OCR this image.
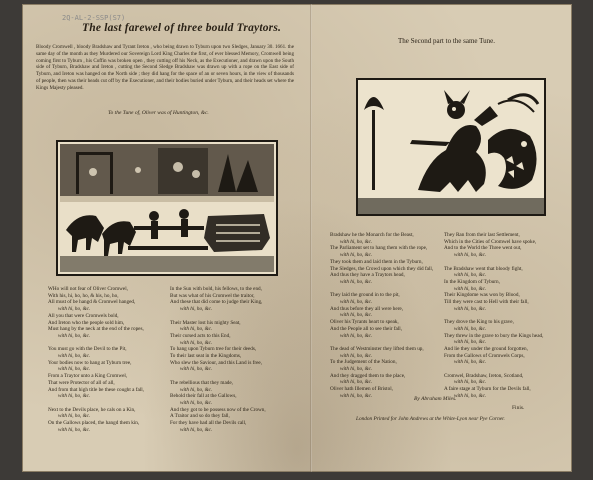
2Q-AL-2-SSP(S7)
The last farewel of three bould Traytors.
The Second part to the same Tune.
Bloody Cromwell , bloody Bradshaw and Tyrant Ireton , who being drawn to Tyburn upon two Sledges, January 30. 1661. the same day of the month as they Murdered our Sovereign Lord King Charles the first, of ever blessed Memory, Cromwell being coming first to Tyburn , his Coffin was broken open , they cutting off his Neck, as the Executioner, and drawn upon the South side of Tyburn, Bradshaw and Ireton , cutting the Second Sledge Bradshaw was drawn up with a rope on the East side of Tyburn, and Ireton was hanged on the North side ; they did hang for the space of an or seven hours, in the view of thousands of people, then was their heads cut off by the Executioner, and their bodies buried under Tyburn, and their heads set where the Kings Majesty pleased.
To the Tune of, Oliver was of Huntington, &c.
WHo will not fear of Oliver Cromwel,
With his, hi, ho, ho, & his, ho, ho,
All must of be hangd & Cromwel hanged,
with hi, ho, &c.
All you that were Cromwels bold,
And Ireton who the people sold him,
Must hang by the neck at the end of the ropes,
with hi, ho, &c.

You must go with the Devil to the Pit,
with hi, ho, &c.
Your bodies now to hang at Tyburn tree,
with hi, ho, &c.
From a Traytor unto a King Cromwel,
That were Protector of all of all,
And from that high title be these cought a fall,
with hi, ho, &c.

Next to the Devils place, he cals on a Kin,
with hi, ho, &c.
On the Gallows placed, the hangd them kin,
with hi, ho, &c.
In the Sun with bold, his fellows, to the end,
But was what of his Cromwel the traitor,
And these that did come to judge their King,
with hi, ho, &c.

Their Master lost his mighty Seat,
with hi, ho, &c.
Their cursed acts to this End,
with hi, ho, &c.
To hang upon Tyburn tree for their deeds,
To their last seat in the Kingdoms,
Who slew the Saviour, and this Land is free,
with hi, ho, &c.

The rebellious that they made,
with hi, ho, &c.
Behold their fall at the Gallows,
with hi, ho, &c.
And they got to be possess now of the Crown,
A Traitor and so do they fall,
For they have had all the Devils call,
with hi, ho, &c.
Bradshaw he the Monarch for the Beast,
with hi, ho, &c.
The Parliament set to hang them with the rope,
with hi, ho, &c.
They took them and laid them in the Tyburn,
The Sledges, the Crowd upon which they did fall,
And thus they have a Traytors head,
with hi, ho, &c.

They laid the ground in to the pit,
with hi, ho, &c.
And thus before they all were here,
with hi, ho, &c.
Oliver his Tyrants heart to speak,
And the People all to see their fall,
with hi, ho, &c.

The dead of Westminster they lifted them up,
with hi, ho, &c.
To the Judgement of the Nation,
with hi, ho, &c.
And they dragged them to the place,
with hi, ho, &c.
Oliver hath Illemen of Bristol,
with hi, ho, &c.
They Ran from their last Settlement,
Which in the Cities of Cromwel have spoke,
And to the World the Three went out,
with hi, ho, &c.

The Bradshaw went that bloody fight,
with hi, ho, &c.
In the Kingdom of Tyburn,
with hi, ho, &c.
Their Kingdome was won by Blood,
Till they were cast to Hell with their fall,
with hi, ho, &c.

They drove the King to his grave,
with hi, ho, &c.
They threw in the grave to bury the Kings head,
with hi, ho, &c.
And lie they under the ground forgotten,
From the Gallows of Cromwels Corps,
with hi, ho, &c.

Cromwel, Bradshaw, Ireton, Scotland,
with hi, ho, &c.
A faire stage at Tyburn for the Devils fall,
with hi, ho, &c.
By Abraham Miles.
Finis.
London Printed for John Andrews at the White-Lyon near Pye Corner.
